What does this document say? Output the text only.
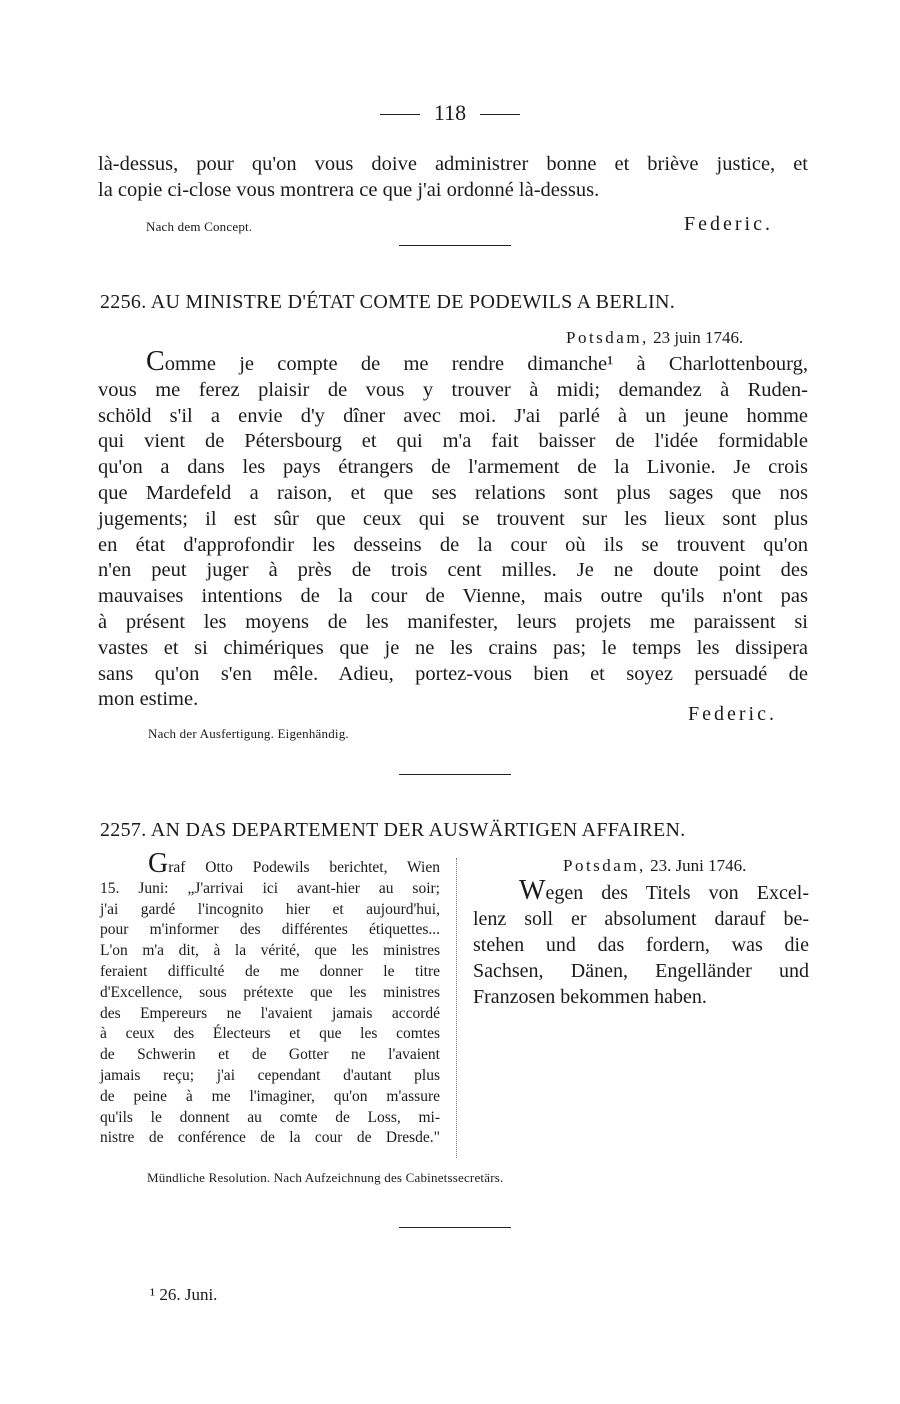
118
là-dessus, pour qu'on vous doive administrer bonne et briève justice, et
la copie ci-close vous montrera ce que j'ai ordonné là-dessus.
Nach dem Concept.	Federic.
2256. AU MINISTRE D'ÉTAT COMTE DE PODEWILS A BERLIN.
Potsdam, 23 juin 1746.
Comme je compte de me rendre dimanche¹ à Charlottenbourg,
vous me ferez plaisir de vous y trouver à midi; demandez à Ruden-
schöld s'il a envie d'y dîner avec moi. J'ai parlé à un jeune homme
qui vient de Pétersbourg et qui m'a fait baisser de l'idée formidable
qu'on a dans les pays étrangers de l'armement de la Livonie. Je crois
que Mardefeld a raison, et que ses relations sont plus sages que nos
jugements; il est sûr que ceux qui se trouvent sur les lieux sont plus
en état d'approfondir les desseins de la cour où ils se trouvent qu'on
n'en peut juger à près de trois cent milles. Je ne doute point des
mauvaises intentions de la cour de Vienne, mais outre qu'ils n'ont pas
à présent les moyens de les manifester, leurs projets me paraissent si
vastes et si chimériques que je ne les crains pas; le temps les dissipera
sans qu'on s'en mêle. Adieu, portez-vous bien et soyez persuadé de
mon estime.
Federic.
Nach der Ausfertigung. Eigenhändig.
2257. AN DAS DEPARTEMENT DER AUSWÄRTIGEN AFFAIREN.
Graf Otto Podewils berichtet, Wien
15. Juni: „J'arrivai ici avant-hier au soir;
j'ai gardé l'incognito hier et aujourd'hui,
pour m'informer des différentes étiquettes...
L'on m'a dit, à la vérité, que les ministres
feraient difficulté de me donner le titre
d'Excellence, sous prétexte que les ministres
des Empereurs ne l'avaient jamais accordé
à ceux des Électeurs et que les comtes
de Schwerin et de Gotter ne l'avaient
jamais reçu; j'ai cependant d'autant plus
de peine à me l'imaginer, qu'on m'assure
qu'ils le donnent au comte de Loss, mi-
nistre de conférence de la cour de Dresde."
Potsdam, 23. Juni 1746.
Wegen des Titels von Excel-
lenz soll er absolument darauf be-
stehen und das fordern, was die
Sachsen, Dänen, Engelländer und
Franzosen bekommen haben.
Mündliche Resolution. Nach Aufzeichnung des Cabinetssecretärs.
¹ 26. Juni.
